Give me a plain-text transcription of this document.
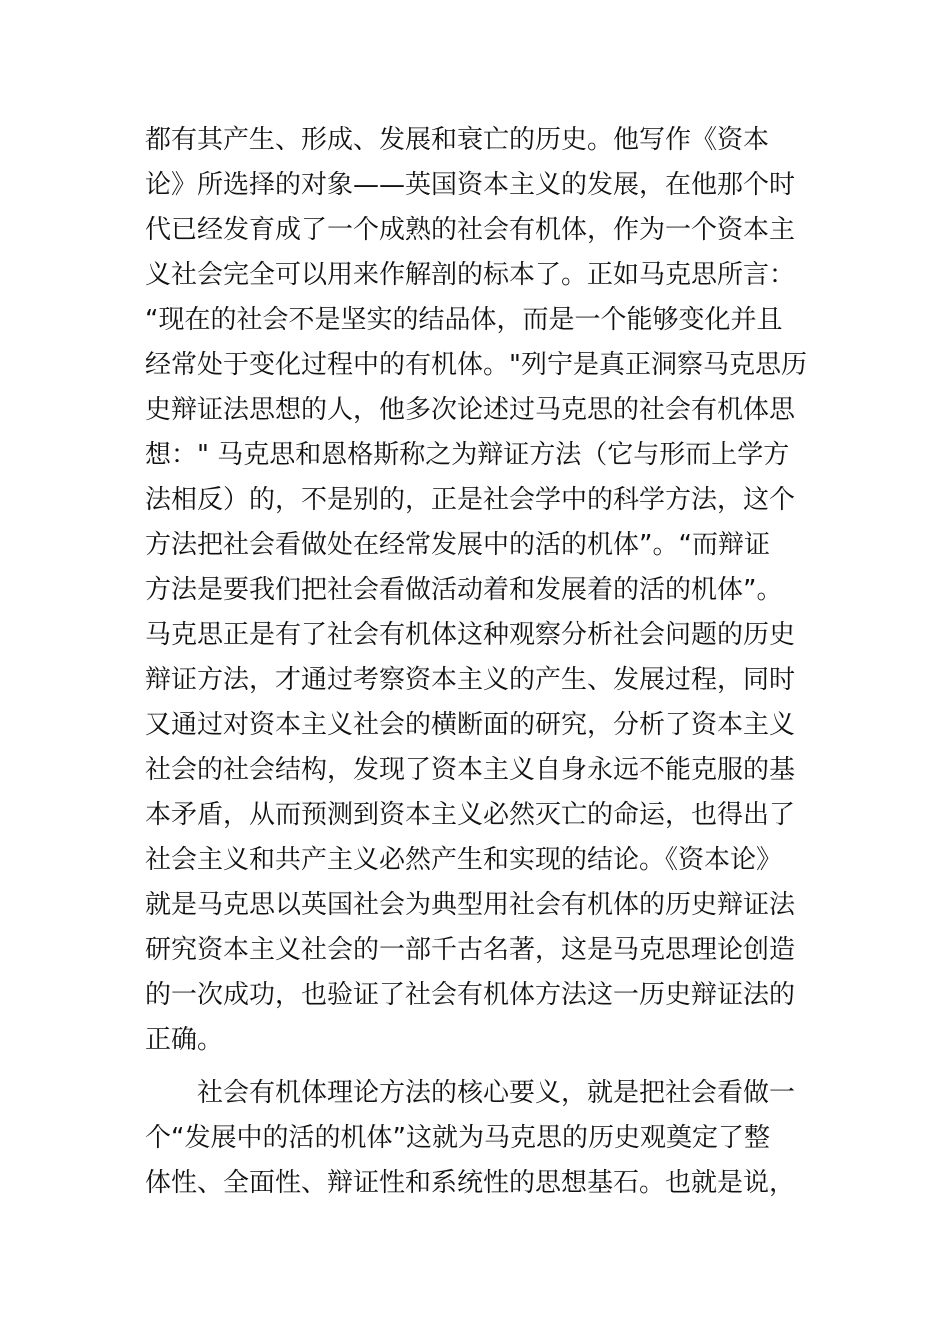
都有其产生、形成、发展和衰亡的历史。他写作《资本
论》所选择的对象——英国资本主义的发展，在他那个时
代已经发育成了一个成熟的社会有机体，作为一个资本主
义社会完全可以用来作解剖的标本了。正如马克思所言：
“现在的社会不是坚实的结品体，而是一个能够变化并且
经常处于变化过程中的有机体。"列宁是真正洞察马克思历
史辩证法思想的人，他多次论述过马克思的社会有机体思
想：" 马克思和恩格斯称之为辩证方法（它与形而上学方
法相反）的，不是别的，正是社会学中的科学方法，这个
方法把社会看做处在经常发展中的活的机体”。“而辩证
方法是要我们把社会看做活动着和发展着的活的机体”。
马克思正是有了社会有机体这种观察分析社会问题的历史
辩证方法，才通过考察资本主义的产生、发展过程，同时
又通过对资本主义社会的横断面的研究，分析了资本主义
社会的社会结构，发现了资本主义自身永远不能克服的基
本矛盾，从而预测到资本主义必然灭亡的命运，也得出了
社会主义和共产主义必然产生和实现的结论。《资本论》
就是马克思以英国社会为典型用社会有机体的历史辩证法
研究资本主义社会的一部千古名著，这是马克思理论创造
的一次成功，也验证了社会有机体方法这一历史辩证法的
正确。
　　社会有机体理论方法的核心要义，就是把社会看做一
个“发展中的活的机体”这就为马克思的历史观奠定了整
体性、全面性、辩证性和系统性的思想基石。也就是说，
